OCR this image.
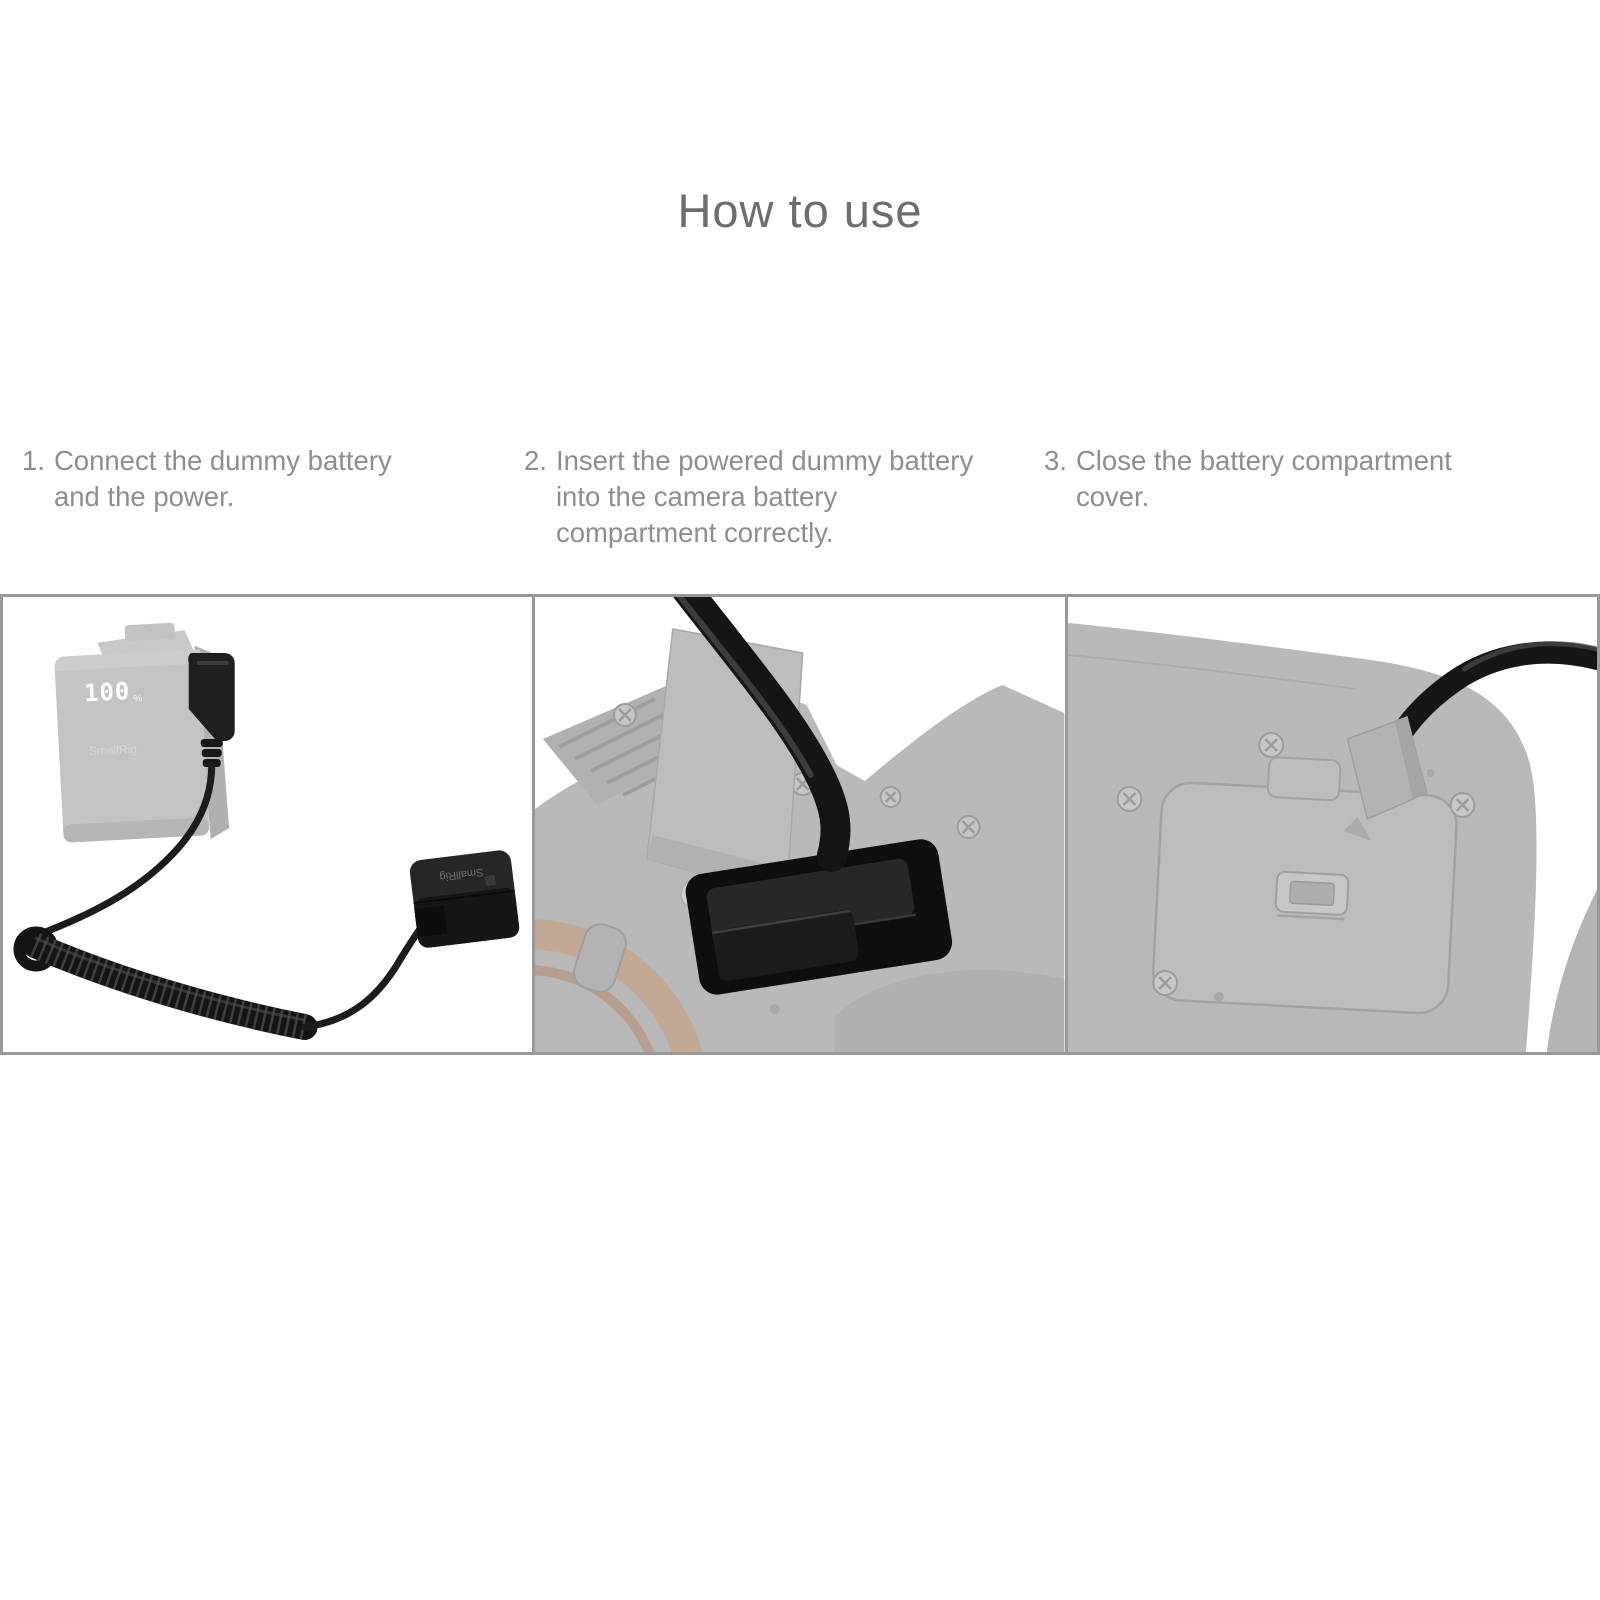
How to use
1. Connect the dummy battery and the power.
2. Insert the powered dummy battery into the camera battery compartment correctly.
3. Close the battery compartment cover.
100 %
SmallRig
SmallRig
